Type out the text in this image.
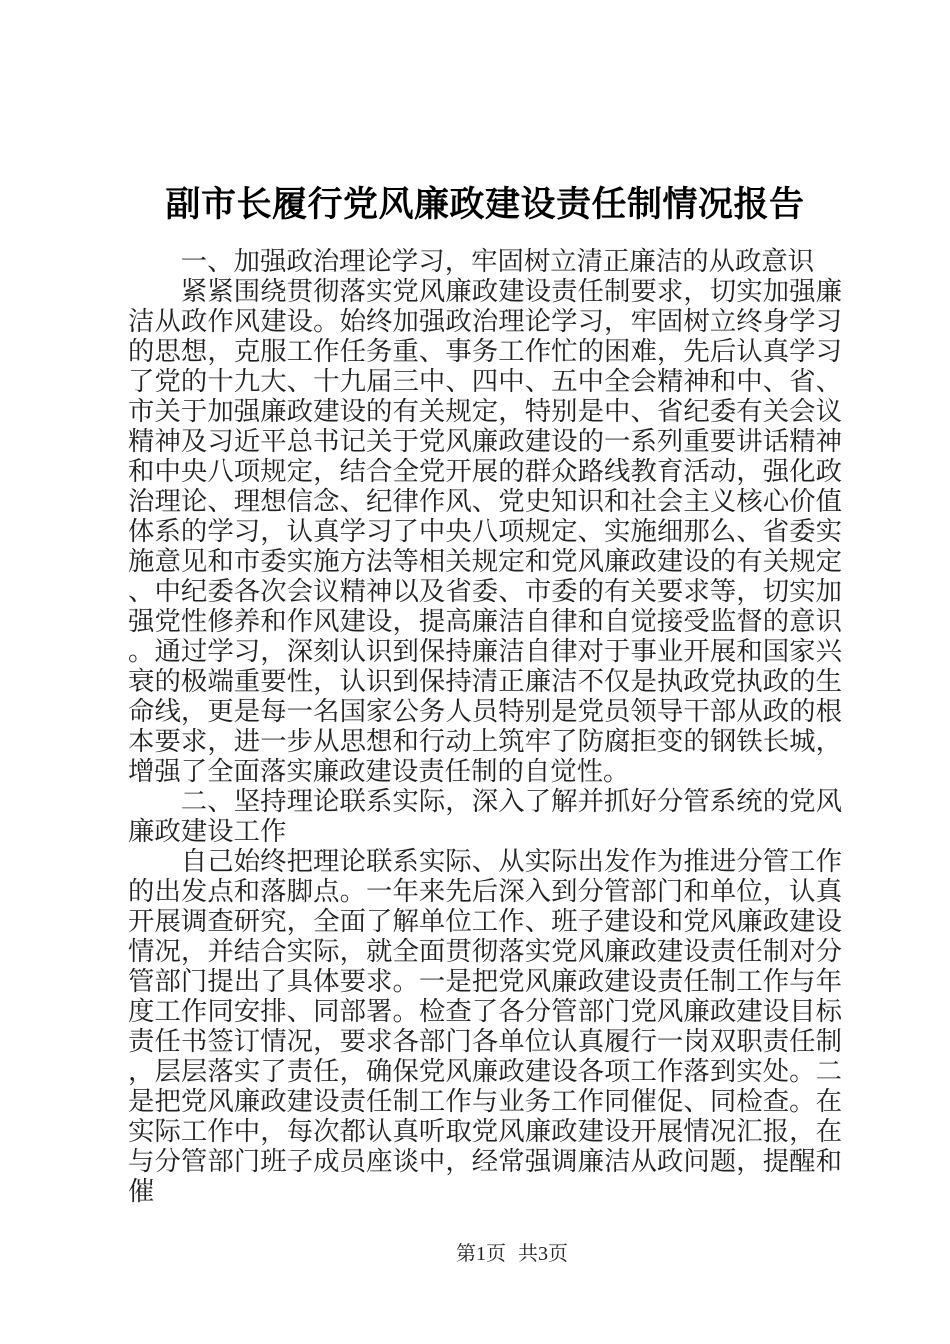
副市长履行党风廉政建设责任制情况报告

一、加强政治理论学习，牢固树立清正廉洁的从政意识

紧紧围绕贯彻落实党风廉政建设责任制要求，切实加强廉洁从政作风建设。始终加强政治理论学习，牢固树立终身学习的思想，克服工作任务重、事务工作忙的困难，先后认真学习了党的十九大、十九届三中、四中、五中全会精神和中、省、市关于加强廉政建设的有关规定，特别是中、省纪委有关会议精神及习近平总书记关于党风廉政建设的一系列重要讲话精神和中央八项规定，结合全党开展的群众路线教育活动，强化政治理论、理想信念、纪律作风、党史知识和社会主义核心价值体系的学习，认真学习了中央八项规定、实施细那么、省委实施意见和市委实施方法等相关规定和党风廉政建设的有关规定、中纪委各次会议精神以及省委、市委的有关要求等，切实加强党性修养和作风建设，提高廉洁自律和自觉接受监督的意识。通过学习，深刻认识到保持廉洁自律对于事业开展和国家兴衰的极端重要性，认识到保持清正廉洁不仅是执政党执政的生命线，更是每一名国家公务人员特别是党员领导干部从政的根本要求，进一步从思想和行动上筑牢了防腐拒变的钢铁长城，增强了全面落实廉政建设责任制的自觉性。

二、坚持理论联系实际，深入了解并抓好分管系统的党风廉政建设工作

自己始终把理论联系实际、从实际出发作为推进分管工作的出发点和落脚点。一年来先后深入到分管部门和单位，认真开展调查研究，全面了解单位工作、班子建设和党风廉政建设情况，并结合实际，就全面贯彻落实党风廉政建设责任制对分管部门提出了具体要求。一是把党风廉政建设责任制工作与年度工作同安排、同部署。检查了各分管部门党风廉政建设目标责任书签订情况，要求各部门各单位认真履行一岗双职责任制，层层落实了责任，确保党风廉政建设各项工作落到实处。二是把党风廉政建设责任制工作与业务工作同催促、同检查。在实际工作中，每次都认真听取党风廉政建设开展情况汇报，在与分管部门班子成员座谈中，经常强调廉洁从政问题，提醒和催

第1页 共3页
